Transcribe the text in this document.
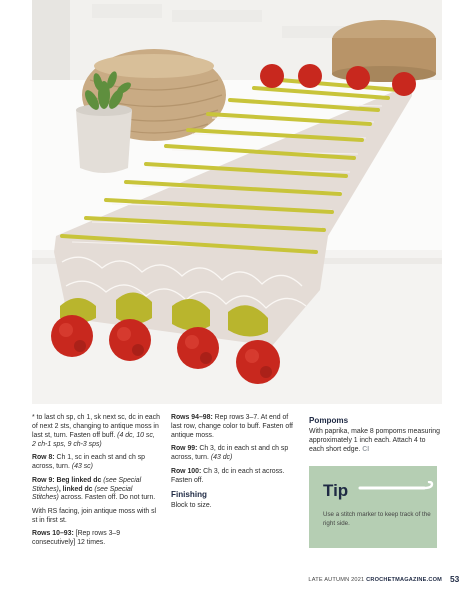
* to last ch sp, ch 1, sk next sc, dc in each of next 2 sts, changing to antique moss in last st, turn. Fasten off buff. (4 dc, 10 sc, 2 ch-1 sps, 9 ch-3 sps)

Row 8: Ch 1, sc in each st and ch sp across, turn. (43 sc)

Row 9: Beg linked dc (see Special Stitches), linked dc (see Special Stitches) across. Fasten off. Do not turn.

With RS facing, join antique moss with sl st in first st.

Rows 10–93: [Rep rows 3–9 consecutively] 12 times.

Rows 94–98: Rep rows 3–7. At end of last row, change color to buff. Fasten off antique moss.

Row 99: Ch 3, dc in each st and ch sp across, turn. (43 dc)

Row 100: Ch 3, dc in each st across. Fasten off.

Finishing

Block to size.

Pompoms

With paprika, make 8 pompoms measuring approximately 1 inch each. Attach 4 to each short edge. CI

Tip
Use a stitch marker to keep track of the right side.
LATE AUTUMN 2021 CROCHETMAGAZINE.COM 53
